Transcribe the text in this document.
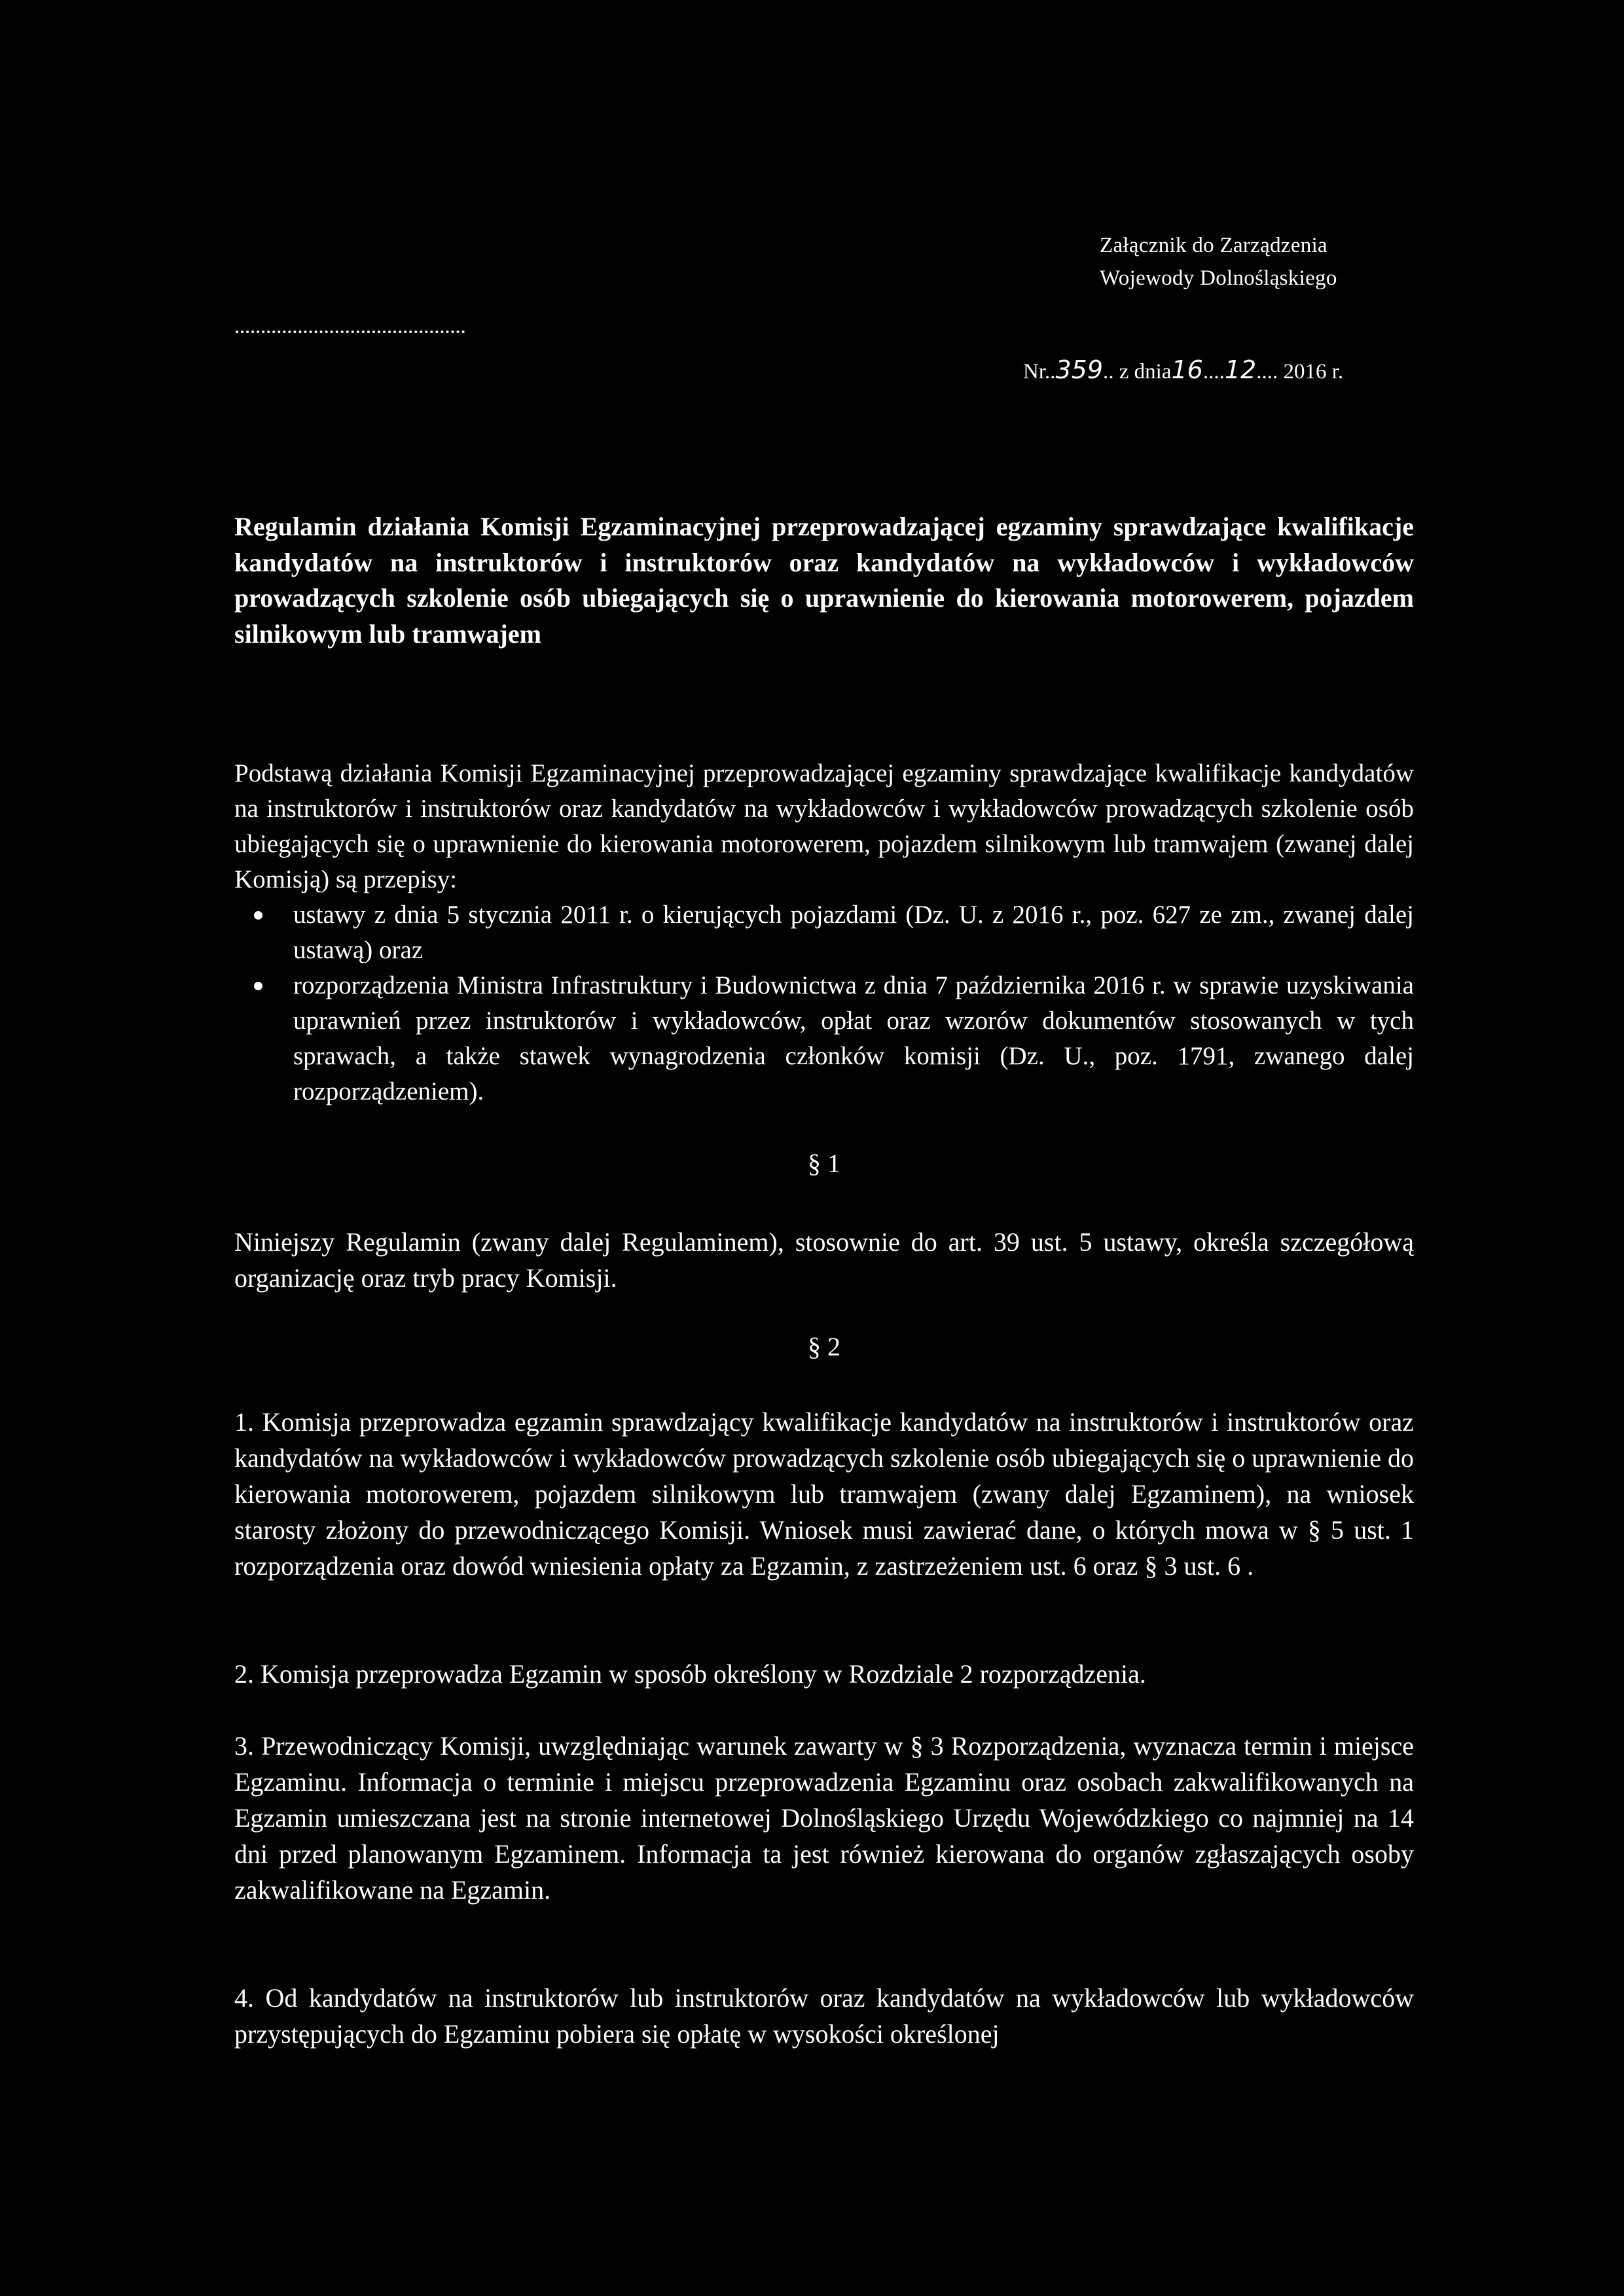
Załącznik do Zarządzenia
Wojewody Dolnośląskiego
Nr..359.. z dnia16....12.... 2016 r.
Regulamin działania Komisji Egzaminacyjnej przeprowadzającej egzaminy sprawdzające kwalifikacje kandydatów na instruktorów i instruktorów oraz kandydatów na wykładowców i wykładowców prowadzących szkolenie osób ubiegających się o uprawnienie do kierowania motorowerem, pojazdem silnikowym lub tramwajem

Podstawą działania Komisji Egzaminacyjnej przeprowadzającej egzaminy sprawdzające kwalifikacje kandydatów na instruktorów i instruktorów oraz kandydatów na wykładowców i wykładowców prowadzących szkolenie osób ubiegających się o uprawnienie do kierowania motorowerem, pojazdem silnikowym lub tramwajem (zwanej dalej Komisją) są przepisy:

ustawy z dnia 5 stycznia 2011 r. o kierujących pojazdami (Dz. U. z 2016 r., poz. 627 ze zm., zwanej dalej ustawą) oraz
rozporządzenia Ministra Infrastruktury i Budownictwa z dnia 7 października 2016 r. w sprawie uzyskiwania uprawnień przez instruktorów i wykładowców, opłat oraz wzorów dokumentów stosowanych w tych sprawach, a także stawek wynagrodzenia członków komisji (Dz. U., poz. 1791, zwanego dalej rozporządzeniem).

§ 1

Niniejszy Regulamin (zwany dalej Regulaminem), stosownie do art. 39 ust. 5 ustawy, określa szczegółową organizację oraz tryb pracy Komisji.

§ 2

1. Komisja przeprowadza egzamin sprawdzający kwalifikacje kandydatów na instruktorów i instruktorów oraz kandydatów na wykładowców i wykładowców prowadzących szkolenie osób ubiegających się o uprawnienie do kierowania motorowerem, pojazdem silnikowym lub tramwajem (zwany dalej Egzaminem), na wniosek starosty złożony do przewodniczącego Komisji. Wniosek musi zawierać dane, o których mowa w § 5 ust. 1 rozporządzenia oraz dowód wniesienia opłaty za Egzamin, z zastrzeżeniem ust. 6 oraz § 3 ust. 6 .

2. Komisja przeprowadza Egzamin w sposób określony w Rozdziale 2 rozporządzenia.

3. Przewodniczący Komisji, uwzględniając warunek zawarty w § 3 Rozporządzenia, wyznacza termin i miejsce Egzaminu. Informacja o terminie i miejscu przeprowadzenia Egzaminu oraz osobach zakwalifikowanych na Egzamin umieszczana jest na stronie internetowej Dolnośląskiego Urzędu Wojewódzkiego co najmniej na 14 dni przed planowanym Egzaminem. Informacja ta jest również kierowana do organów zgłaszających osoby zakwalifikowane na Egzamin.

4. Od kandydatów na instruktorów lub instruktorów oraz kandydatów na wykładowców lub wykładowców przystępujących do Egzaminu pobiera się opłatę w wysokości określonej
